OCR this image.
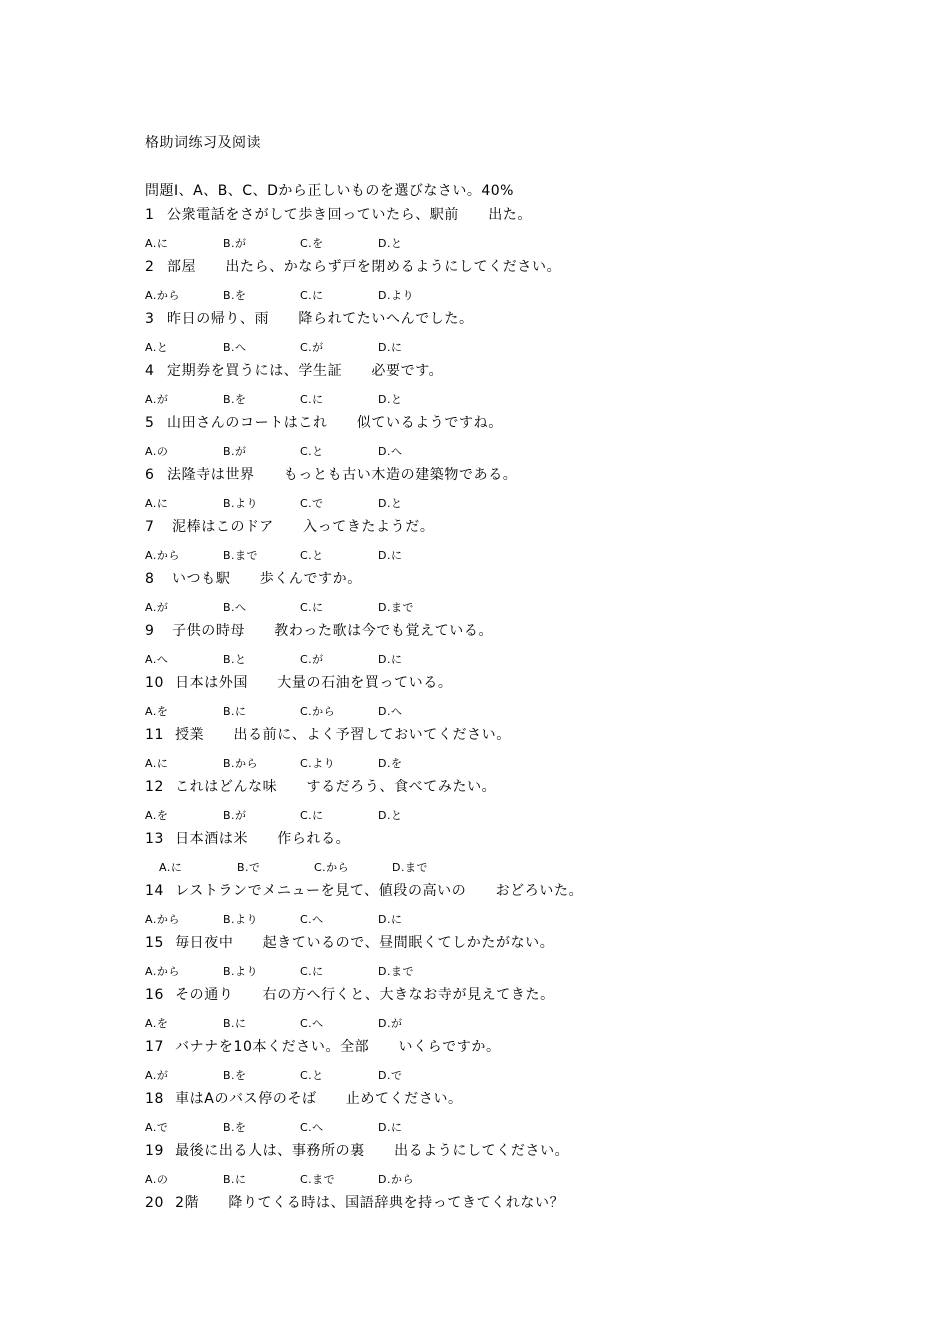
格助词练习及阅读
問題Ⅰ、A、B、C、Dから正しいものを選びなさい。40%
1 公衆電話をさがして歩き回っていたら、駅前　　出た。
A.に	B.が	C.を	D.と
2 部屋　　出たら、かならず戸を閉めるようにしてください。
A.から	B.を	C.に	D.より
3 昨日の帰り、雨　　降られてたいへんでした。
A.と	B.へ	C.が	D.に
4 定期券を買うには、学生証　　必要です。
A.が	B.を	C.に	D.と
5 山田さんのコートはこれ　　似ているようですね。
A.の	B.が	C.と	D.へ
6 法隆寺は世界　　もっとも古い木造の建築物である。
A.に	B.より	C.で	D.と
7 泥棒はこのドア　　入ってきたようだ。
A.から	B.まで	C.と	D.に
8 いつも駅　　歩くんですか。
A.が	B.へ	C.に	D.まで
9 子供の時母　　教わった歌は今でも覚えている。
A.へ	B.と	C.が	D.に
10 日本は外国　　大量の石油を買っている。
A.を	B.に	C.から	D.へ
11 授業　　出る前に、よく予習しておいてください。
A.に	B.から	C.より	D.を
12 これはどんな味　　するだろう、食べてみたい。
A.を	B.が	C.に	D.と
13 日本酒は米　　作られる。
A.に	B.で	C.から	D.まで
14 レストランでメニューを見て、値段の高いの　　おどろいた。
A.から	B.より	C.へ	D.に
15 毎日夜中　　起きているので、昼間眠くてしかたがない。
A.から	B.より	C.に	D.まで
16 その通り　　右の方へ行くと、大きなお寺が見えてきた。
A.を	B.に	C.へ	D.が
17 バナナを10本ください。全部　　いくらですか。
A.が	B.を	C.と	D.で
18 車はAのバス停のそば　　止めてください。
A.で	B.を	C.へ	D.に
19 最後に出る人は、事務所の裏　　出るようにしてください。
A.の	B.に	C.まで	D.から
20 2階　　降りてくる時は、国語辞典を持ってきてくれない？
